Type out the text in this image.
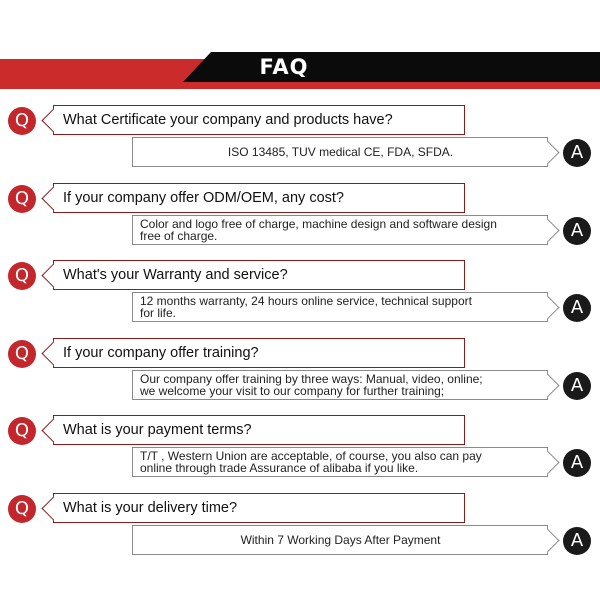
FAQ
Q	What Certificate your company and products have?
ISO 13485, TUV medical CE, FDA, SFDA.	A
Q	If your company offer ODM/OEM, any cost?
Color and logo free of charge, machine design and software design
free of charge.	A
Q	What's your Warranty and service?
12 months warranty, 24 hours online service, technical support
for life.	A
Q	If your company offer training?
Our company offer training by three ways: Manual, video, online;
we welcome your visit to our company for further training;	A
Q	What is your payment terms?
T/T , Western Union are acceptable, of course, you also can pay
online through trade Assurance of alibaba if you like.	A
Q	What is your delivery time?
Within 7 Working Days After Payment	A
